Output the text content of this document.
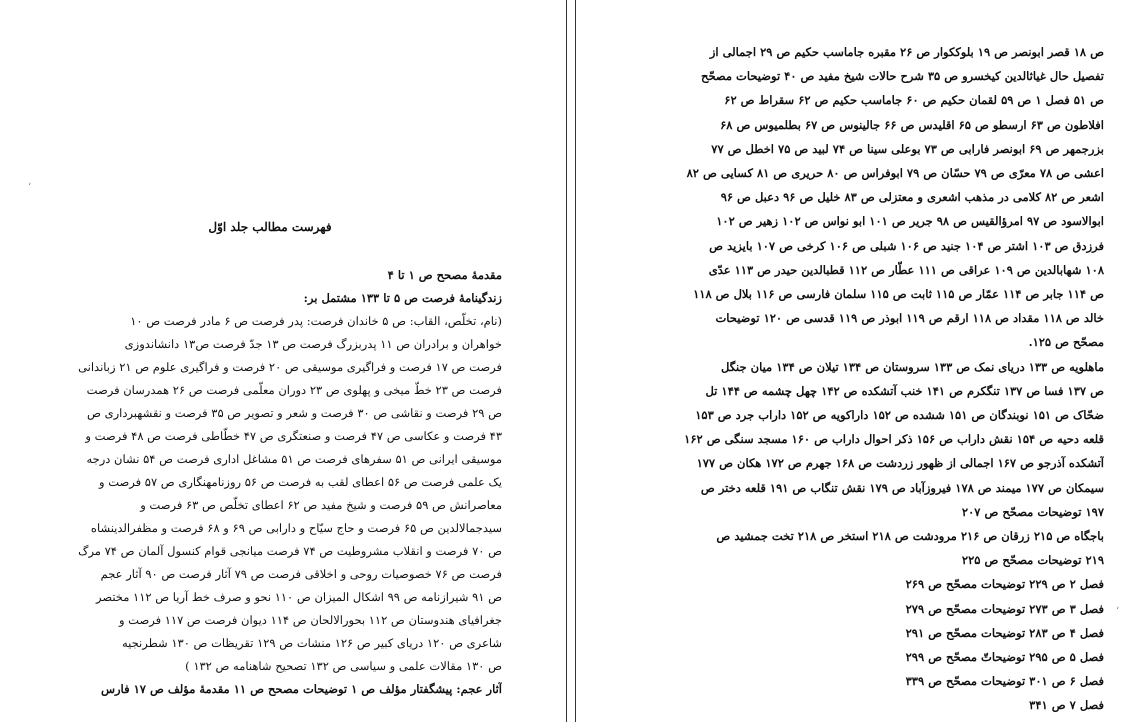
فهرست مطالب جلد اوّل
مقدمهٔ مصحح ص ۱ تا ۴
زندگینامهٔ فرصت ص ۵ تا ۱۳۳ مشتمل بر:
(نام، تخلّص، القاب: ص ۵ خاندان فرصت: پدر فرصت ص ۶ مادر فرصت ص ۱۰
خواهران و برادران ص ۱۱ پدربزرگ فرصت ص ۱۳ جدّ فرصت ص۱۳ دانشاندوزی
فرصت ص ۱۷ فرصت و فراگیری موسیقی ص ۲۰ فرصت و فراگیری علوم ص ۲۱ زباندانی
فرصت ص ۲۳ خطّ میخی و پهلوی ص ۲۳ دوران معلّمی فرصت ص ۲۶ همدرسان فرصت
ص ۲۹ فرصت و نقاشی ص ۳۰ فرصت و شعر و تصویر ص ۳۵ فرصت و نقشهبرداری ص
۴۳ فرصت و عکاسی ص ۴۷ فرصت و صنعتگری ص ۴۷ خطّاطی فرصت ص ۴۸ فرصت و
موسیقی ایرانی ص ۵۱ سفرهای فرصت ص ۵۱ مشاغل اداری فرصت ص ۵۴ نشان درجه
یک علمی فرصت ص ۵۶ اعطای لقب به فرصت ص ۵۶ روزنامهنگاری ص ۵۷ فرصت و
معاصرانش ص ۵۹ فرصت و شیخ مفید ص ۶۲ اعطای تخلّص ص ۶۳ فرصت و
سیدجمالالدین ص ۶۵ فرصت و حاج سیّاح و دارابی ص ۶۹ و ۶۸ فرصت و مظفرالدینشاه
ص ۷۰ فرصت و انقلاب مشروطیت ص ۷۴ فرصت میانجی قوام کنسول آلمان ص ۷۴ مرگ
فرصت ص ۷۶ خصوصیات روحی و اخلاقی فرصت ص ۷۹ آثار فرصت ص ۹۰ آثار عجم
ص ۹۱ شیرازنامه ص ۹۹ اشکال المیزان ص ۱۱۰ نحو و صرف خط آریا ص ۱۱۲ مختصر
جغرافیای هندوستان ص ۱۱۲ بحورالالحان ص ۱۱۴ دیوان فرصت ص ۱۱۷ فرصت و
شاعری ص ۱۲۰ دریای کبیر ص ۱۲۶ منشات ص ۱۲۹ تقریظات ص ۱۳۰ شطرنجیه
ص ۱۳۰ مقالات علمی و سیاسی ص ۱۳۲ تصحیح شاهنامه ص ۱۳۲ )
آثار عجم: پیشگفتار مؤلف ص ۱ توضیحات مصحح ص ۱۱ مقدمهٔ مؤلف ص ۱۷ فارس
‘
ص ۱۸ قصر ابونصر ص ۱۹ بلوککوار ص ۲۶ مقبره جاماسب حکیم ص ۲۹ اجمالی از
تفصیل حال غیاثالدین کیخسرو ص ۳۵ شرح حالات شیخ مفید ص ۴۰ توضیحات مصحّح
ص ۵۱ فصل ۱ ص ۵۹ لقمان حکیم ص ۶۰ جاماسب حکیم ص ۶۲ سقراط ص ۶۲
افلاطون ص ۶۳ ارسطو ص ۶۵ اقلیدس ص ۶۶ جالینوس ص ۶۷ بطلمیوس ص ۶۸
بزرجمهر ص ۶۹ ابونصر فارابی ص ۷۳ بوعلی سینا ص ۷۴ لبید ص ۷۵ اخطل ص ۷۷
اعشی ص ۷۸ معرّی ص ۷۹ حسّان ص ۷۹ ابوفراس ص ۸۰ حریری ص ۸۱ کسایی ص ۸۲
اشعر ص ۸۲ کلامی در مذهب اشعری و معتزلی ص ۸۳ خلیل ص ۹۶ دعبل ص ۹۶
ابوالاسود ص ۹۷ امرؤالقیس ص ۹۸ جریر ص ۱۰۱ ابو نواس ص ۱۰۲ زهیر ص ۱۰۲
فرزدق ص ۱۰۳ اشتر ص ۱۰۴ جنید ص ۱۰۶ شبلی ص ۱۰۶ کرخی ص ۱۰۷ بایزید ص
۱۰۸ شهابالدین ص ۱۰۹ عراقی ص ۱۱۱ عطّار ص ۱۱۲ قطبالدین حیدر ص ۱۱۳ عدّی
ص ۱۱۴ جابر ص ۱۱۴ عمّار ص ۱۱۵ ثابت ص ۱۱۵ سلمان فارسی ص ۱۱۶ بلال ص ۱۱۸
خالد ص ۱۱۸ مقداد ص ۱۱۸ ارقم ص ۱۱۹ ابوذر ص ۱۱۹ قدسی ص ۱۲۰ توضیحات
مصحّح ص ۱۲۵.
ماهلویه ص ۱۳۳ دریای نمک ص ۱۳۳ سروستان ص ۱۳۴ تیلان ص ۱۳۴ میان جنگل
ص ۱۳۷ فسا ص ۱۳۷ تنگکرم ص ۱۴۱ خنب آتشکده ص ۱۴۲ چهل چشمه ص ۱۴۴ تل
ضحّاک ص ۱۵۱ نوبندگان ص ۱۵۱ ششده ص ۱۵۲ داراکویه ص ۱۵۲ داراب جرد ص ۱۵۳
قلعه دحیه ص ۱۵۴ نقش داراب ص ۱۵۶ ذکر احوال داراب ص ۱۶۰ مسجد سنگی ص ۱۶۲
آتشکده آذرجو ص ۱۶۷ اجمالی از ظهور زردشت ص ۱۶۸ جهرم ص ۱۷۲ هکان ص ۱۷۷
سیمکان ص ۱۷۷ میمند ص ۱۷۸ فیروزآباد ص ۱۷۹ نقش تنگاب ص ۱۹۱ قلعه دختر ص
۱۹۷ توضیحات مصحّح ص ۲۰۷
باجگاه ص ۲۱۵ زرقان ص ۲۱۶ مرودشت ص ۲۱۸ استخر ص ۲۱۸ تخت جمشید ص
۲۱۹ توضیحات مصحّح ص ۲۲۵
فصل ۲ ص ۲۲۹ توضیحات مصحّح ص ۲۶۹
فصل ۳ ص ۲۷۳ توضیحات مصحّح ص ۲۷۹
فصل ۴ ص ۲۸۳ توضیحات مصحّح ص ۲۹۱
فصل ۵ ص ۲۹۵ توضیحاتّ مصحّح ص ۲۹۹
فصل ۶ ص ۳۰۱ توضیحات مصحّح ص ۳۳۹
فصل ۷ ص ۳۴۱
‘
